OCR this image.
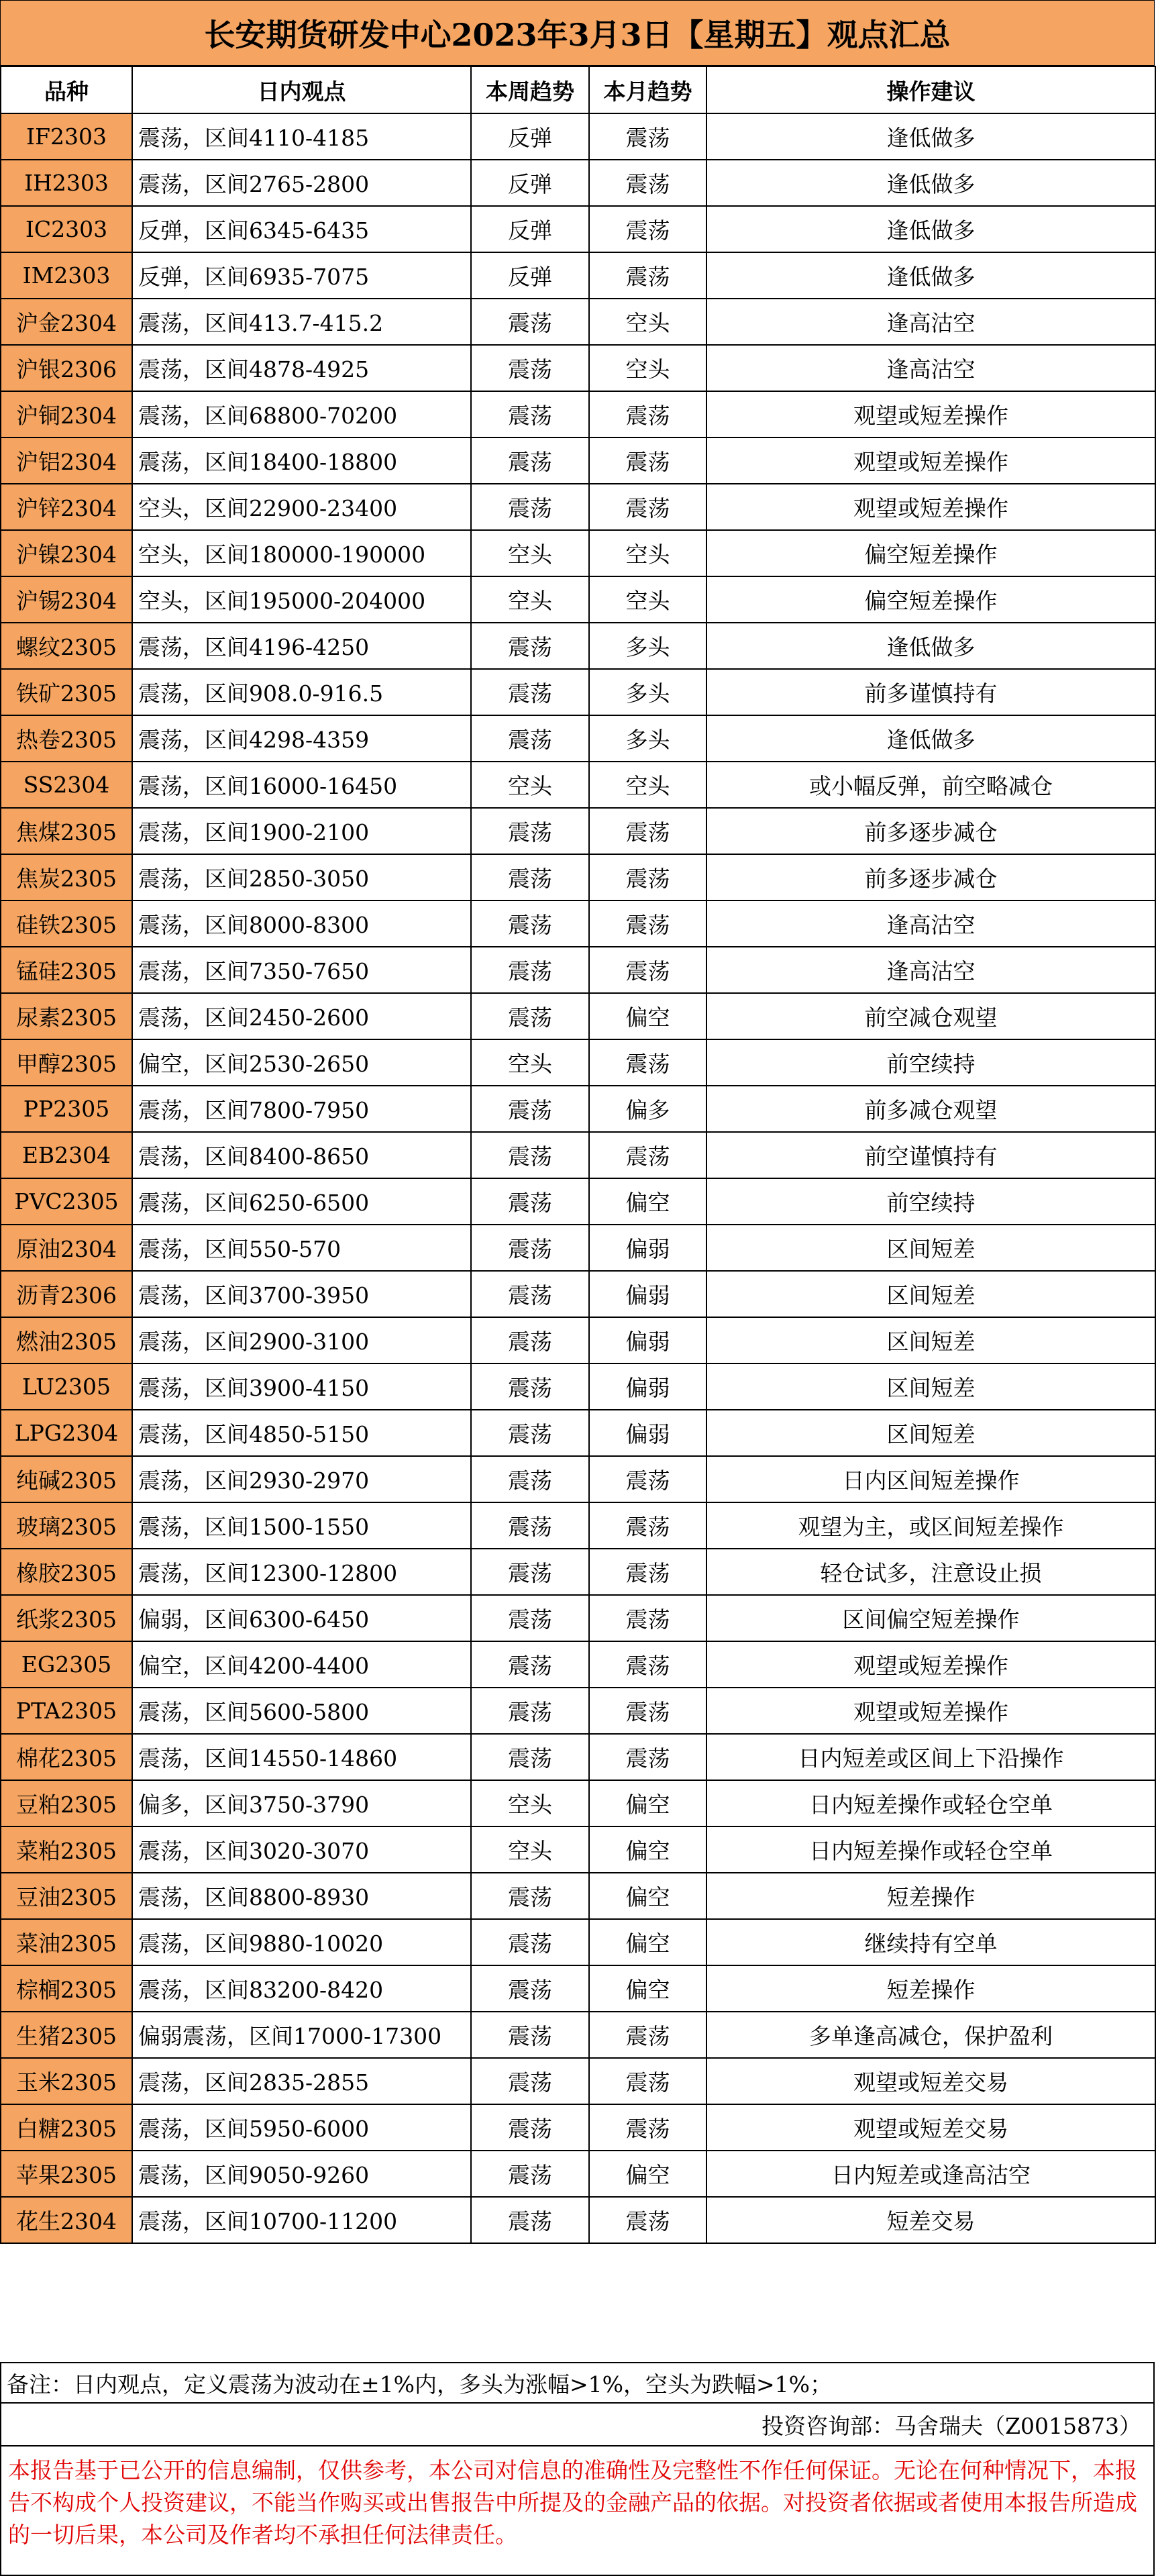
长安期货研发中心2023年3月3日【星期五】观点汇总
品种	日内观点	本周趋势	本月趋势	操作建议
IF2303	震荡，区间4110-4185	反弹	震荡	逢低做多
IH2303	震荡，区间2765-2800	反弹	震荡	逢低做多
IC2303	反弹，区间6345-6435	反弹	震荡	逢低做多
IM2303	反弹，区间6935-7075	反弹	震荡	逢低做多
沪金2304	震荡，区间413.7-415.2	震荡	空头	逢高沽空
沪银2306	震荡，区间4878-4925	震荡	空头	逢高沽空
沪铜2304	震荡，区间68800-70200	震荡	震荡	观望或短差操作
沪铝2304	震荡，区间18400-18800	震荡	震荡	观望或短差操作
沪锌2304	空头，区间22900-23400	震荡	震荡	观望或短差操作
沪镍2304	空头，区间180000-190000	空头	空头	偏空短差操作
沪锡2304	空头，区间195000-204000	空头	空头	偏空短差操作
螺纹2305	震荡，区间4196-4250	震荡	多头	逢低做多
铁矿2305	震荡，区间908.0-916.5	震荡	多头	前多谨慎持有
热卷2305	震荡，区间4298-4359	震荡	多头	逢低做多
SS2304	震荡，区间16000-16450	空头	空头	或小幅反弹，前空略减仓
焦煤2305	震荡，区间1900-2100	震荡	震荡	前多逐步减仓
焦炭2305	震荡，区间2850-3050	震荡	震荡	前多逐步减仓
硅铁2305	震荡，区间8000-8300	震荡	震荡	逢高沽空
锰硅2305	震荡，区间7350-7650	震荡	震荡	逢高沽空
尿素2305	震荡，区间2450-2600	震荡	偏空	前空减仓观望
甲醇2305	偏空，区间2530-2650	空头	震荡	前空续持
PP2305	震荡，区间7800-7950	震荡	偏多	前多减仓观望
EB2304	震荡，区间8400-8650	震荡	震荡	前空谨慎持有
PVC2305	震荡，区间6250-6500	震荡	偏空	前空续持
原油2304	震荡，区间550-570	震荡	偏弱	区间短差
沥青2306	震荡，区间3700-3950	震荡	偏弱	区间短差
燃油2305	震荡，区间2900-3100	震荡	偏弱	区间短差
LU2305	震荡，区间3900-4150	震荡	偏弱	区间短差
LPG2304	震荡，区间4850-5150	震荡	偏弱	区间短差
纯碱2305	震荡，区间2930-2970	震荡	震荡	日内区间短差操作
玻璃2305	震荡，区间1500-1550	震荡	震荡	观望为主，或区间短差操作
橡胶2305	震荡，区间12300-12800	震荡	震荡	轻仓试多，注意设止损
纸浆2305	偏弱，区间6300-6450	震荡	震荡	区间偏空短差操作
EG2305	偏空，区间4200-4400	震荡	震荡	观望或短差操作
PTA2305	震荡，区间5600-5800	震荡	震荡	观望或短差操作
棉花2305	震荡，区间14550-14860	震荡	震荡	日内短差或区间上下沿操作
豆粕2305	偏多，区间3750-3790	空头	偏空	日内短差操作或轻仓空单
菜粕2305	震荡，区间3020-3070	空头	偏空	日内短差操作或轻仓空单
豆油2305	震荡，区间8800-8930	震荡	偏空	短差操作
菜油2305	震荡，区间9880-10020	震荡	偏空	继续持有空单
棕榈2305	震荡，区间83200-8420	震荡	偏空	短差操作
生猪2305	偏弱震荡，区间17000-17300	震荡	震荡	多单逢高减仓，保护盈利
玉米2305	震荡，区间2835-2855	震荡	震荡	观望或短差交易
白糖2305	震荡，区间5950-6000	震荡	震荡	观望或短差交易
苹果2305	震荡，区间9050-9260	震荡	偏空	日内短差或逢高沽空
花生2304	震荡，区间10700-11200	震荡	震荡	短差交易
备注：日内观点，定义震荡为波动在±1%内，多头为涨幅>1%，空头为跌幅>1%；
投资咨询部：马舍瑞夫（Z0015873）
本报告基于已公开的信息编制，仅供参考，本公司对信息的准确性及完整性不作任何保证。无论在何种情况下，本报告不构成个人投资建议，不能当作购买或出售报告中所提及的金融产品的依据。对投资者依据或者使用本报告所造成的一切后果，本公司及作者均不承担任何法律责任。
